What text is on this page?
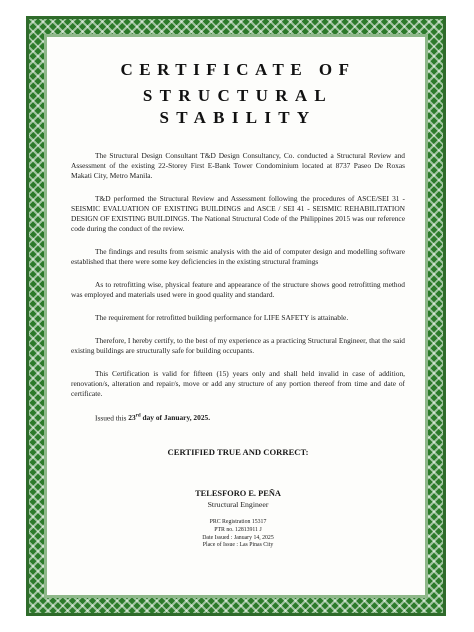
CERTIFICATE OF
STRUCTURAL STABILITY

The Structural Design Consultant T&D Design Consultancy, Co. conducted a Structural Review and Assessment of the existing 22-Storey First E-Bank Tower Condominium located at 8737 Paseo De Roxas Makati City, Metro Manila.

T&D performed the Structural Review and Assessment following the procedures of ASCE/SEI 31 - SEISMIC EVALUATION OF EXISTING BUILDINGS and ASCE / SEI 41 - SEISMIC REHABILITATION DESIGN OF EXISTING BUILDINGS. The National Structural Code of the Philippines 2015 was our reference code during the conduct of the review.

The findings and results from seismic analysis with the aid of computer design and modelling software established that there were some key deficiencies in the existing structural framings

As to retrofitting wise, physical feature and appearance of the structure shows good retrofitting method was employed and materials used were in good quality and standard.

The requirement for retrofitted building performance for LIFE SAFETY is attainable.

Therefore, I hereby certify, to the best of my experience as a practicing Structural Engineer, that the said existing buildings are structurally safe for building occupants.

This Certification is valid for fifteen (15) years only and shall held invalid in case of addition, renovation/s, alteration and repair/s, move or add any structure of any portion thereof from time and date of certificate.

Issued this 23rd day of January, 2025.
CERTIFIED TRUE AND CORRECT:
TELESFORO E. PEÑA
Structural Engineer
PRC Registration 15317
PTR no. 12813911 J
Date Issued : January 14, 2025
Place of Issue : Las Pinas City
